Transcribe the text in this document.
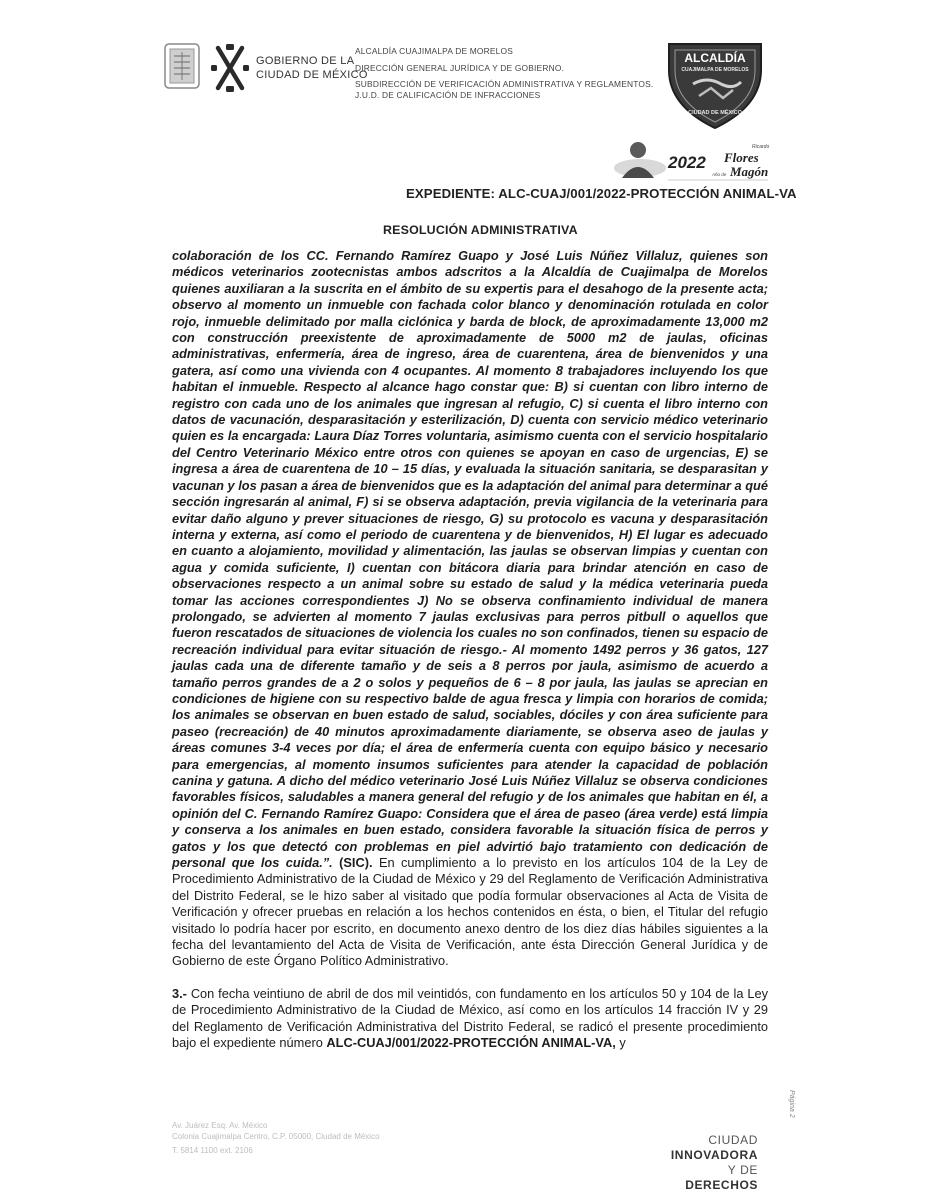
GOBIERNO DE LA
CIUDAD DE MÉXICO
ALCALDÍA CUAJIMALPA DE MORELOS
DIRECCIÓN GENERAL JURÍDICA Y DE GOBIERNO.
SUBDIRECCIÓN DE VERIFICACIÓN ADMINISTRATIVA Y REGLAMENTOS.
J.U.D. DE CALIFICACIÓN DE INFRACCIONES
ALCALDÍA
CUAJIMALPA DE MORELOS
CIUDAD DE MÉXICO
2022
Año de
Ricardo
Flores
Magón
EXPEDIENTE: ALC-CUAJ/001/2022-PROTECCIÓN ANIMAL-VA
RESOLUCIÓN ADMINISTRATIVA

colaboración de los CC. Fernando Ramírez Guapo y José Luis Núñez Villaluz, quienes son médicos veterinarios zootecnistas ambos adscritos a la Alcaldía de Cuajimalpa de Morelos quienes auxiliaran a la suscrita en el ámbito de su expertis para el desahogo de la presente acta; observo al momento un inmueble con fachada color blanco y denominación rotulada en color rojo, inmueble delimitado por malla ciclónica y barda de block, de aproximadamente 13,000 m2 con construcción preexistente de aproximadamente de 5000 m2 de jaulas, oficinas administrativas, enfermería, área de ingreso, área de cuarentena, área de bienvenidos y una gatera, así como una vivienda con 4 ocupantes. Al momento 8 trabajadores incluyendo los que habitan el inmueble. Respecto al alcance hago constar que: B) si cuentan con libro interno de registro con cada uno de los animales que ingresan al refugio, C) si cuenta el libro interno con datos de vacunación, desparasitación y esterilización, D) cuenta con servicio médico veterinario quien es la encargada: Laura Díaz Torres voluntaria, asimismo cuenta con el servicio hospitalario del Centro Veterinario México entre otros con quienes se apoyan en caso de urgencias, E) se ingresa a área de cuarentena de 10 – 15 días, y evaluada la situación sanitaria, se desparasitan y vacunan y los pasan a área de bienvenidos que es la adaptación del animal para determinar a qué sección ingresarán al animal, F) si se observa adaptación, previa vigilancia de la veterinaria para evitar daño alguno y prever situaciones de riesgo, G) su protocolo es vacuna y desparasitación interna y externa, así como el periodo de cuarentena y de bienvenidos, H) El lugar es adecuado en cuanto a alojamiento, movilidad y alimentación, las jaulas se observan limpias y cuentan con agua y comida suficiente, I) cuentan con bitácora diaria para brindar atención en caso de observaciones respecto a un animal sobre su estado de salud y la médica veterinaria pueda tomar las acciones correspondientes J) No se observa confinamiento individual de manera prolongado, se advierten al momento 7 jaulas exclusivas para perros pitbull o aquellos que fueron rescatados de situaciones de violencia los cuales no son confinados, tienen su espacio de recreación individual para evitar situación de riesgo.- Al momento 1492 perros y 36 gatos, 127 jaulas cada una de diferente tamaño y de seis a 8 perros por jaula, asimismo de acuerdo a tamaño perros grandes de a 2 o solos y pequeños de 6 – 8 por jaula, las jaulas se aprecian en condiciones de higiene con su respectivo balde de agua fresca y limpia con horarios de comida; los animales se observan en buen estado de salud, sociables, dóciles y con área suficiente para paseo (recreación) de 40 minutos aproximadamente diariamente, se observa aseo de jaulas y áreas comunes 3-4 veces por día; el área de enfermería cuenta con equipo básico y necesario para emergencias, al momento insumos suficientes para atender la capacidad de población canina y gatuna. A dicho del médico veterinario José Luis Núñez Villaluz se observa condiciones favorables físicos, saludables a manera general del refugio y de los animales que habitan en él, a opinión del C. Fernando Ramírez Guapo: Considera que el área de paseo (área verde) está limpia y conserva a los animales en buen estado, considera favorable la situación física de perros y gatos y los que detectó con problemas en piel advirtió bajo tratamiento con dedicación de personal que los cuida.”. (SIC). En cumplimiento a lo previsto en los artículos 104 de la Ley de Procedimiento Administrativo de la Ciudad de México y 29 del Reglamento de Verificación Administrativa del Distrito Federal, se le hizo saber al visitado que podía formular observaciones al Acta de Visita de Verificación y ofrecer pruebas en relación a los hechos contenidos en ésta, o bien, el Titular del refugio visitado lo podría hacer por escrito, en documento anexo dentro de los diez días hábiles siguientes a la fecha del levantamiento del Acta de Visita de Verificación, ante ésta Dirección General Jurídica y de Gobierno de este Órgano Político Administrativo.

3.- Con fecha veintiuno de abril de dos mil veintidós, con fundamento en los artículos 50 y 104 de la Ley de Procedimiento Administrativo de la Ciudad de México, así como en los artículos 14 fracción IV y 29 del Reglamento de Verificación Administrativa del Distrito Federal, se radicó el presente procedimiento bajo el expediente número ALC-CUAJ/001/2022-PROTECCIÓN ANIMAL-VA, y

Página 2
Av. Juárez Esq. Av. México
Colonia Cuajimalpa Centro, C.P. 05000, Ciudad de México
T. 5814 1100 ext. 2106
CIUDAD
INNOVADORA
Y DE
DERECHOS
